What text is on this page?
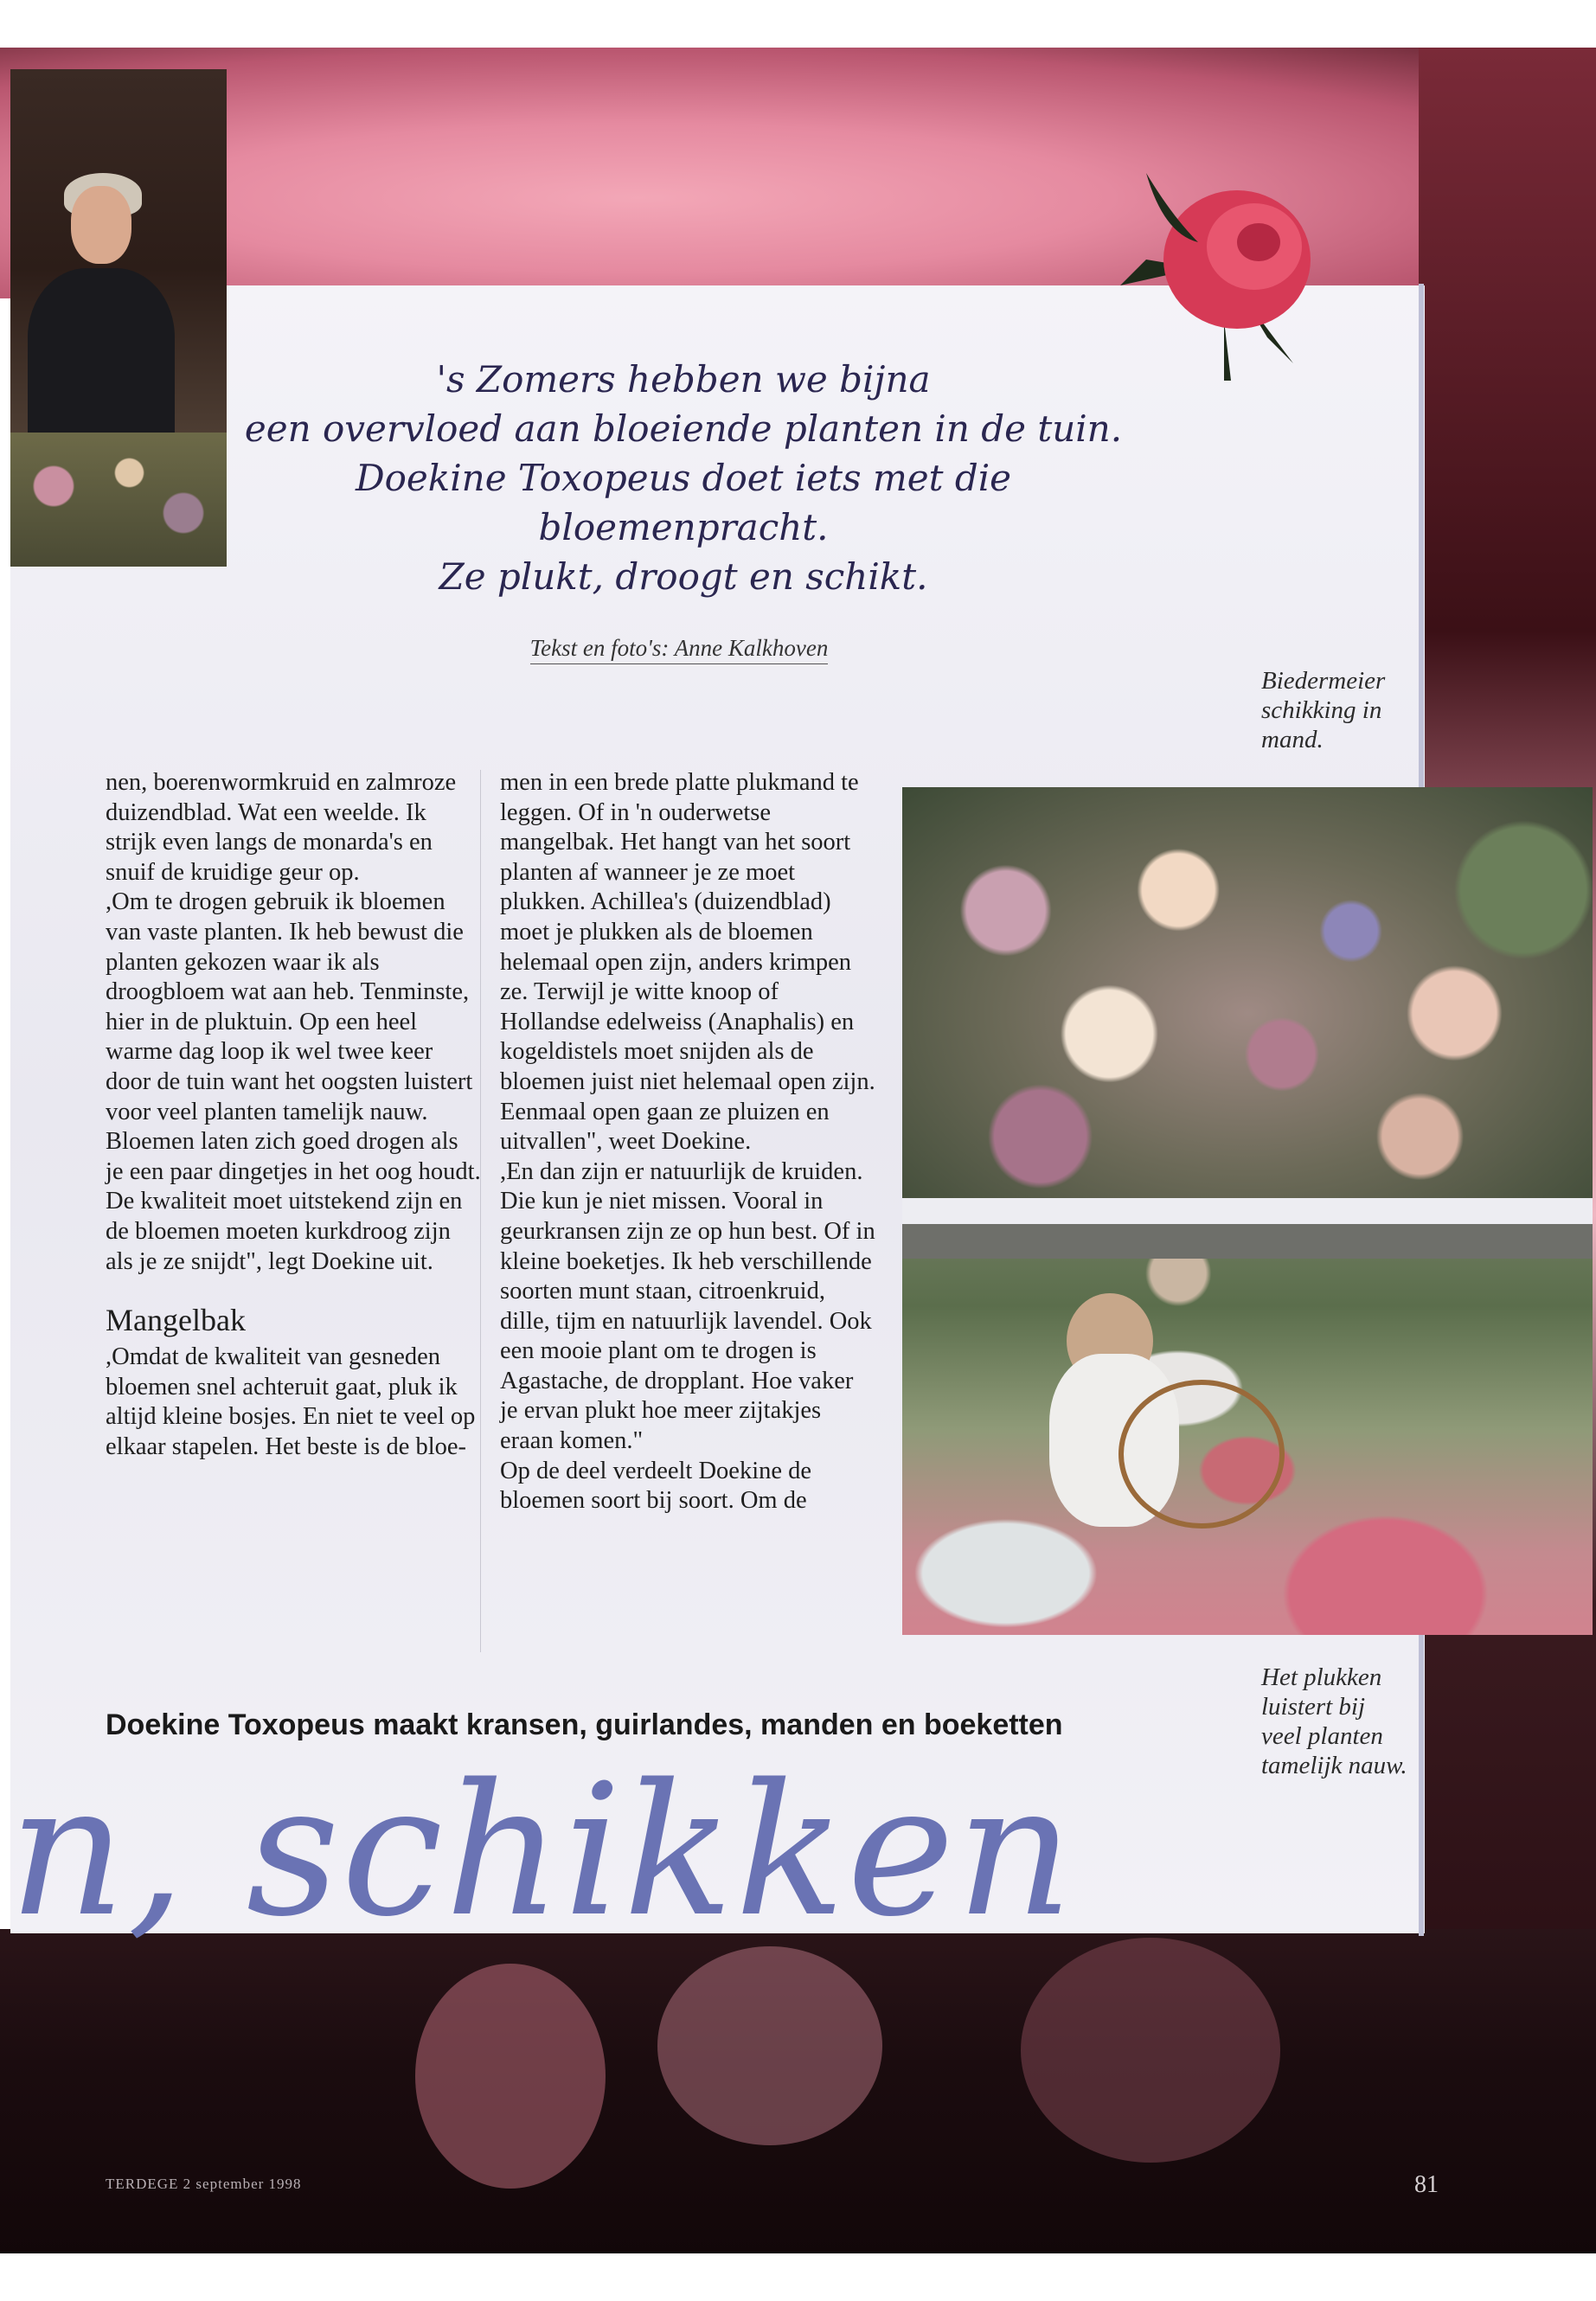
's Zomers hebben we bijna

een overvloed aan bloeiende planten in de tuin.

Doekine Toxopeus doet iets met die bloemenpracht.

Ze plukt, droogt en schikt.

Tekst en foto's: Anne Kalkhoven
Biedermeier schikking in mand.

nen, boerenwormkruid en zalmroze duizendblad. Wat een weelde. Ik strijk even langs de monarda's en snuif de kruidige geur op.

,Om te drogen gebruik ik bloemen van vaste planten. Ik heb bewust die planten gekozen waar ik als droogbloem wat aan heb. Tenminste, hier in de pluktuin. Op een heel warme dag loop ik wel twee keer door de tuin want het oogsten luistert voor veel planten tamelijk nauw. Bloemen laten zich goed drogen als je een paar dingetjes in het oog houdt. De kwaliteit moet uitstekend zijn en de bloemen moeten kurkdroog zijn als je ze snijdt", legt Doekine uit.

Mangelbak

,Omdat de kwaliteit van gesneden bloemen snel achteruit gaat, pluk ik altijd kleine bosjes. En niet te veel op elkaar stapelen. Het beste is de bloe-

men in een brede platte plukmand te leggen. Of in 'n ouderwetse mangelbak. Het hangt van het soort planten af wanneer je ze moet plukken. Achillea's (duizendblad) moet je plukken als de bloemen helemaal open zijn, anders krimpen ze. Terwijl je witte knoop of Hollandse edelweiss (Anaphalis) en kogeldistels moet snijden als de bloemen juist niet helemaal open zijn. Eenmaal open gaan ze pluizen en uitvallen", weet Doekine.

,En dan zijn er natuurlijk de kruiden. Die kun je niet missen. Vooral in geurkransen zijn ze op hun best. Of in kleine boeketjes. Ik heb verschillende soorten munt staan, citroenkruid, dille, tijm en natuurlijk lavendel. Ook een mooie plant om te drogen is Agastache, de dropplant. Hoe vaker je ervan plukt hoe meer zijtakjes eraan komen."

Op de deel verdeelt Doekine de bloemen soort bij soort. Om de

Het plukken luistert bij veel planten tamelijk nauw.
Doekine Toxopeus maakt kransen, guirlandes, manden en boeketten
n, schikken
TERDEGE 2 september 1998	81
